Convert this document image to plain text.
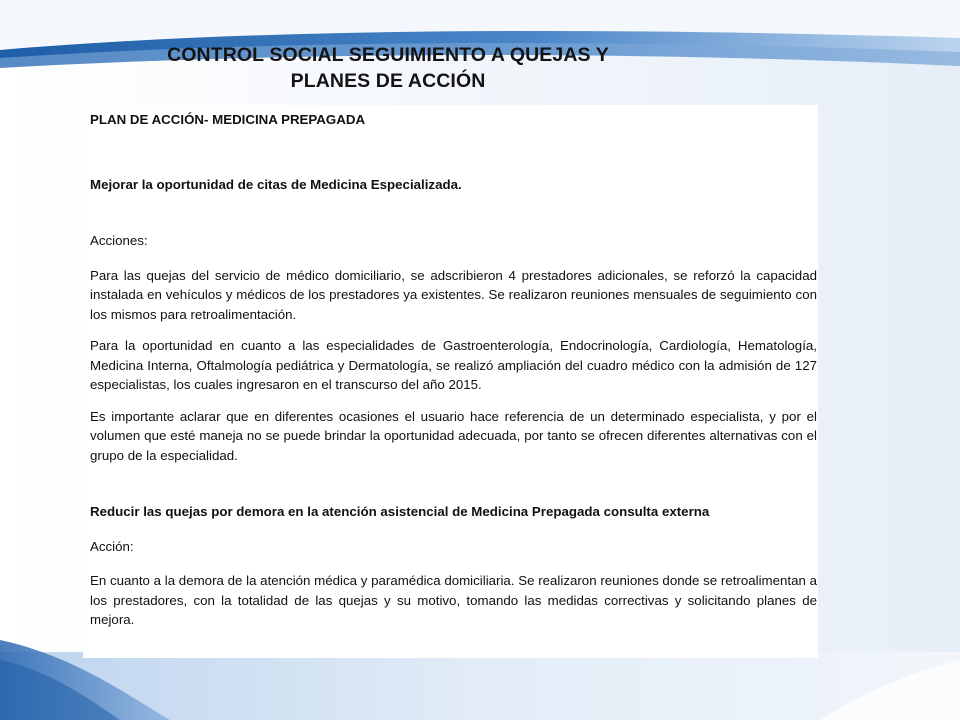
CONTROL SOCIAL SEGUIMIENTO A QUEJAS Y
PLANES DE ACCIÓN

PLAN DE ACCIÓN- MEDICINA PREPAGADA

Mejorar la oportunidad de citas de Medicina Especializada.

Acciones:

Para las quejas del servicio de médico domiciliario, se adscribieron 4 prestadores adicionales, se reforzó la capacidad instalada en vehículos y médicos de los prestadores ya existentes. Se realizaron reuniones mensuales de seguimiento con los mismos para retroalimentación.

Para la oportunidad en cuanto a las especialidades de Gastroenterología, Endocrinología, Cardiología, Hematología, Medicina Interna, Oftalmología pediátrica y Dermatología, se realizó ampliación del cuadro médico con la admisión de 127 especialistas, los cuales ingresaron en el transcurso del año 2015.

Es importante aclarar que en diferentes ocasiones el usuario hace referencia de un determinado especialista, y por el volumen que esté maneja no se puede brindar la oportunidad adecuada, por tanto se ofrecen diferentes alternativas con el grupo de la especialidad.

Reducir las quejas por demora en la atención asistencial de Medicina Prepagada consulta externa

Acción:

En cuanto a la demora de la atención médica y paramédica domiciliaria. Se realizaron reuniones donde se retroalimentan a los prestadores, con la totalidad de las quejas y su motivo, tomando las medidas correctivas y solicitando planes de mejora.
